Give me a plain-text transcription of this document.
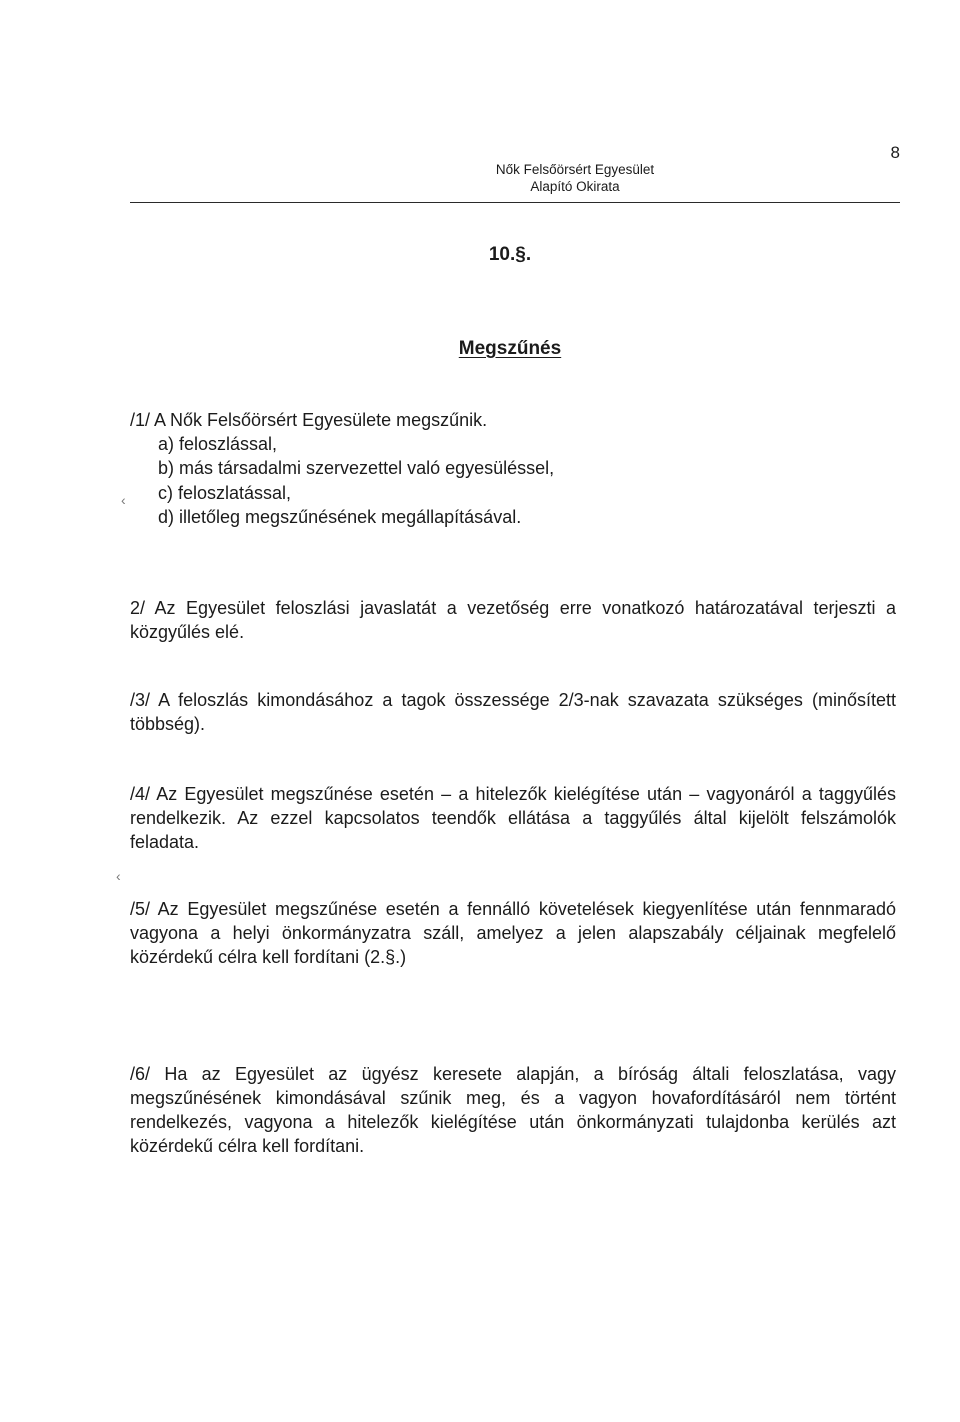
Nők Felsőörsért Egyesület
Alapító Okirata
8
10.§.
Megszűnés

/1/ A Nők Felsőörsért Egyesülete megszűnik.

a) feloszlással,
b) más társadalmi szervezettel való egyesüléssel,
c) feloszlatással,
d) illetőleg megszűnésének megállapításával.

2/ Az Egyesület feloszlási javaslatát a vezetőség erre vonatkozó határozatával terjeszti a közgyűlés elé.

/3/ A feloszlás kimondásához a tagok összessége 2/3-nak szavazata szükséges (minősített többség).

/4/ Az Egyesület megszűnése esetén – a hitelezők kielégítése után – vagyonáról a taggyűlés rendelkezik. Az ezzel kapcsolatos teendők ellátása a taggyűlés által kijelölt felszámolók feladata.

/5/ Az Egyesület megszűnése esetén a fennálló követelések kiegyenlítése után fennmaradó vagyona a helyi önkormányzatra száll, amelyez a jelen alapszabály céljainak megfelelő közérdekű célra kell fordítani (2.§.)

/6/ Ha az Egyesület az ügyész keresete alapján, a bíróság általi feloszlatása, vagy megszűnésének kimondásával szűnik meg, és a vagyon hovafordításáról nem történt rendelkezés, vagyona a hitelezők kielégítése után önkormányzati tulajdonba kerülés azt közérdekű célra kell fordítani.

‹
‹
